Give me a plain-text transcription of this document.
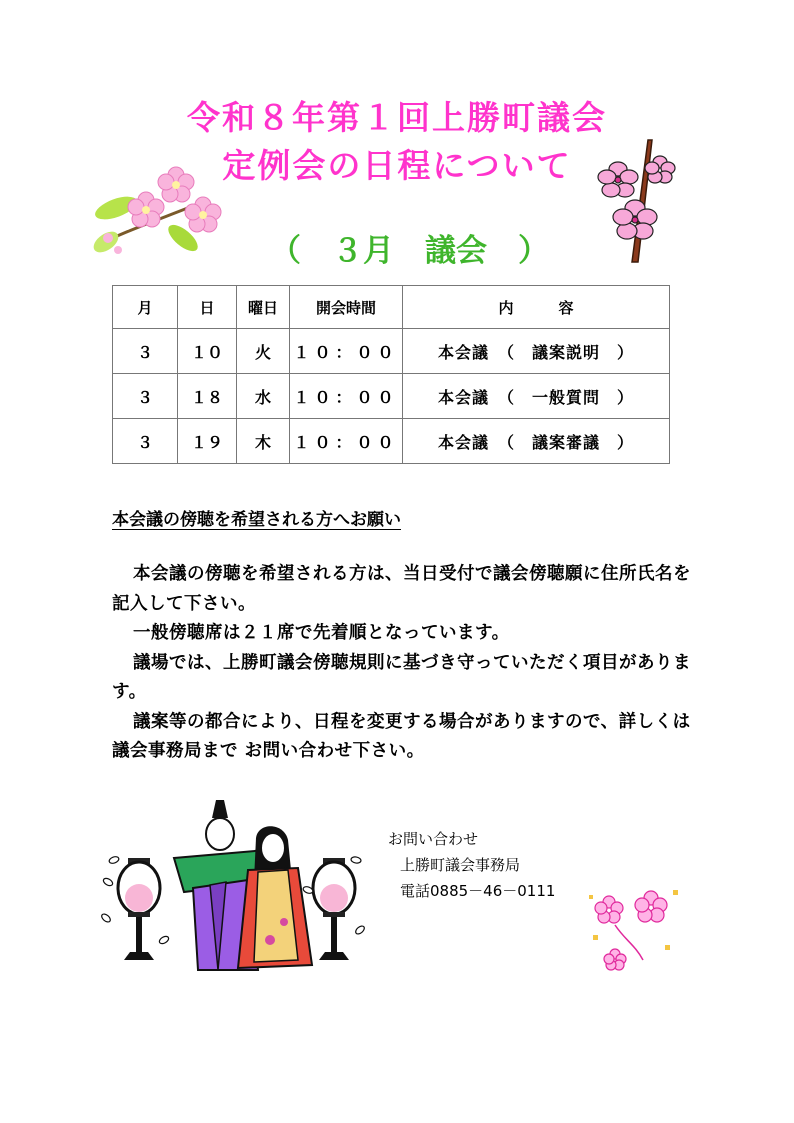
令和８年第１回上勝町議会
定例会の日程について
（　３月　議会　）
月	日	曜日	開会時間	内　　　容
３	１０	火	１０：００	本会議　（　議案説明　）
３	１８	水	１０：００	本会議　（　一般質問　）
３	１９	木	１０：００	本会議　（　議案審議　）
本会議の傍聴を希望される方へお願い

本会議の傍聴を希望される方は、当日受付で議会傍聴願に住所氏名を記入して下さい。

一般傍聴席は２１席で先着順となっています。

議場では、上勝町議会傍聴規則に基づき守っていただく項目があります。

議案等の都合により、日程を変更する場合がありますので、詳しくは議会事務局まで お問い合わせ下さい。

お問い合わせ
上勝町議会事務局
電話0885－46－0111
